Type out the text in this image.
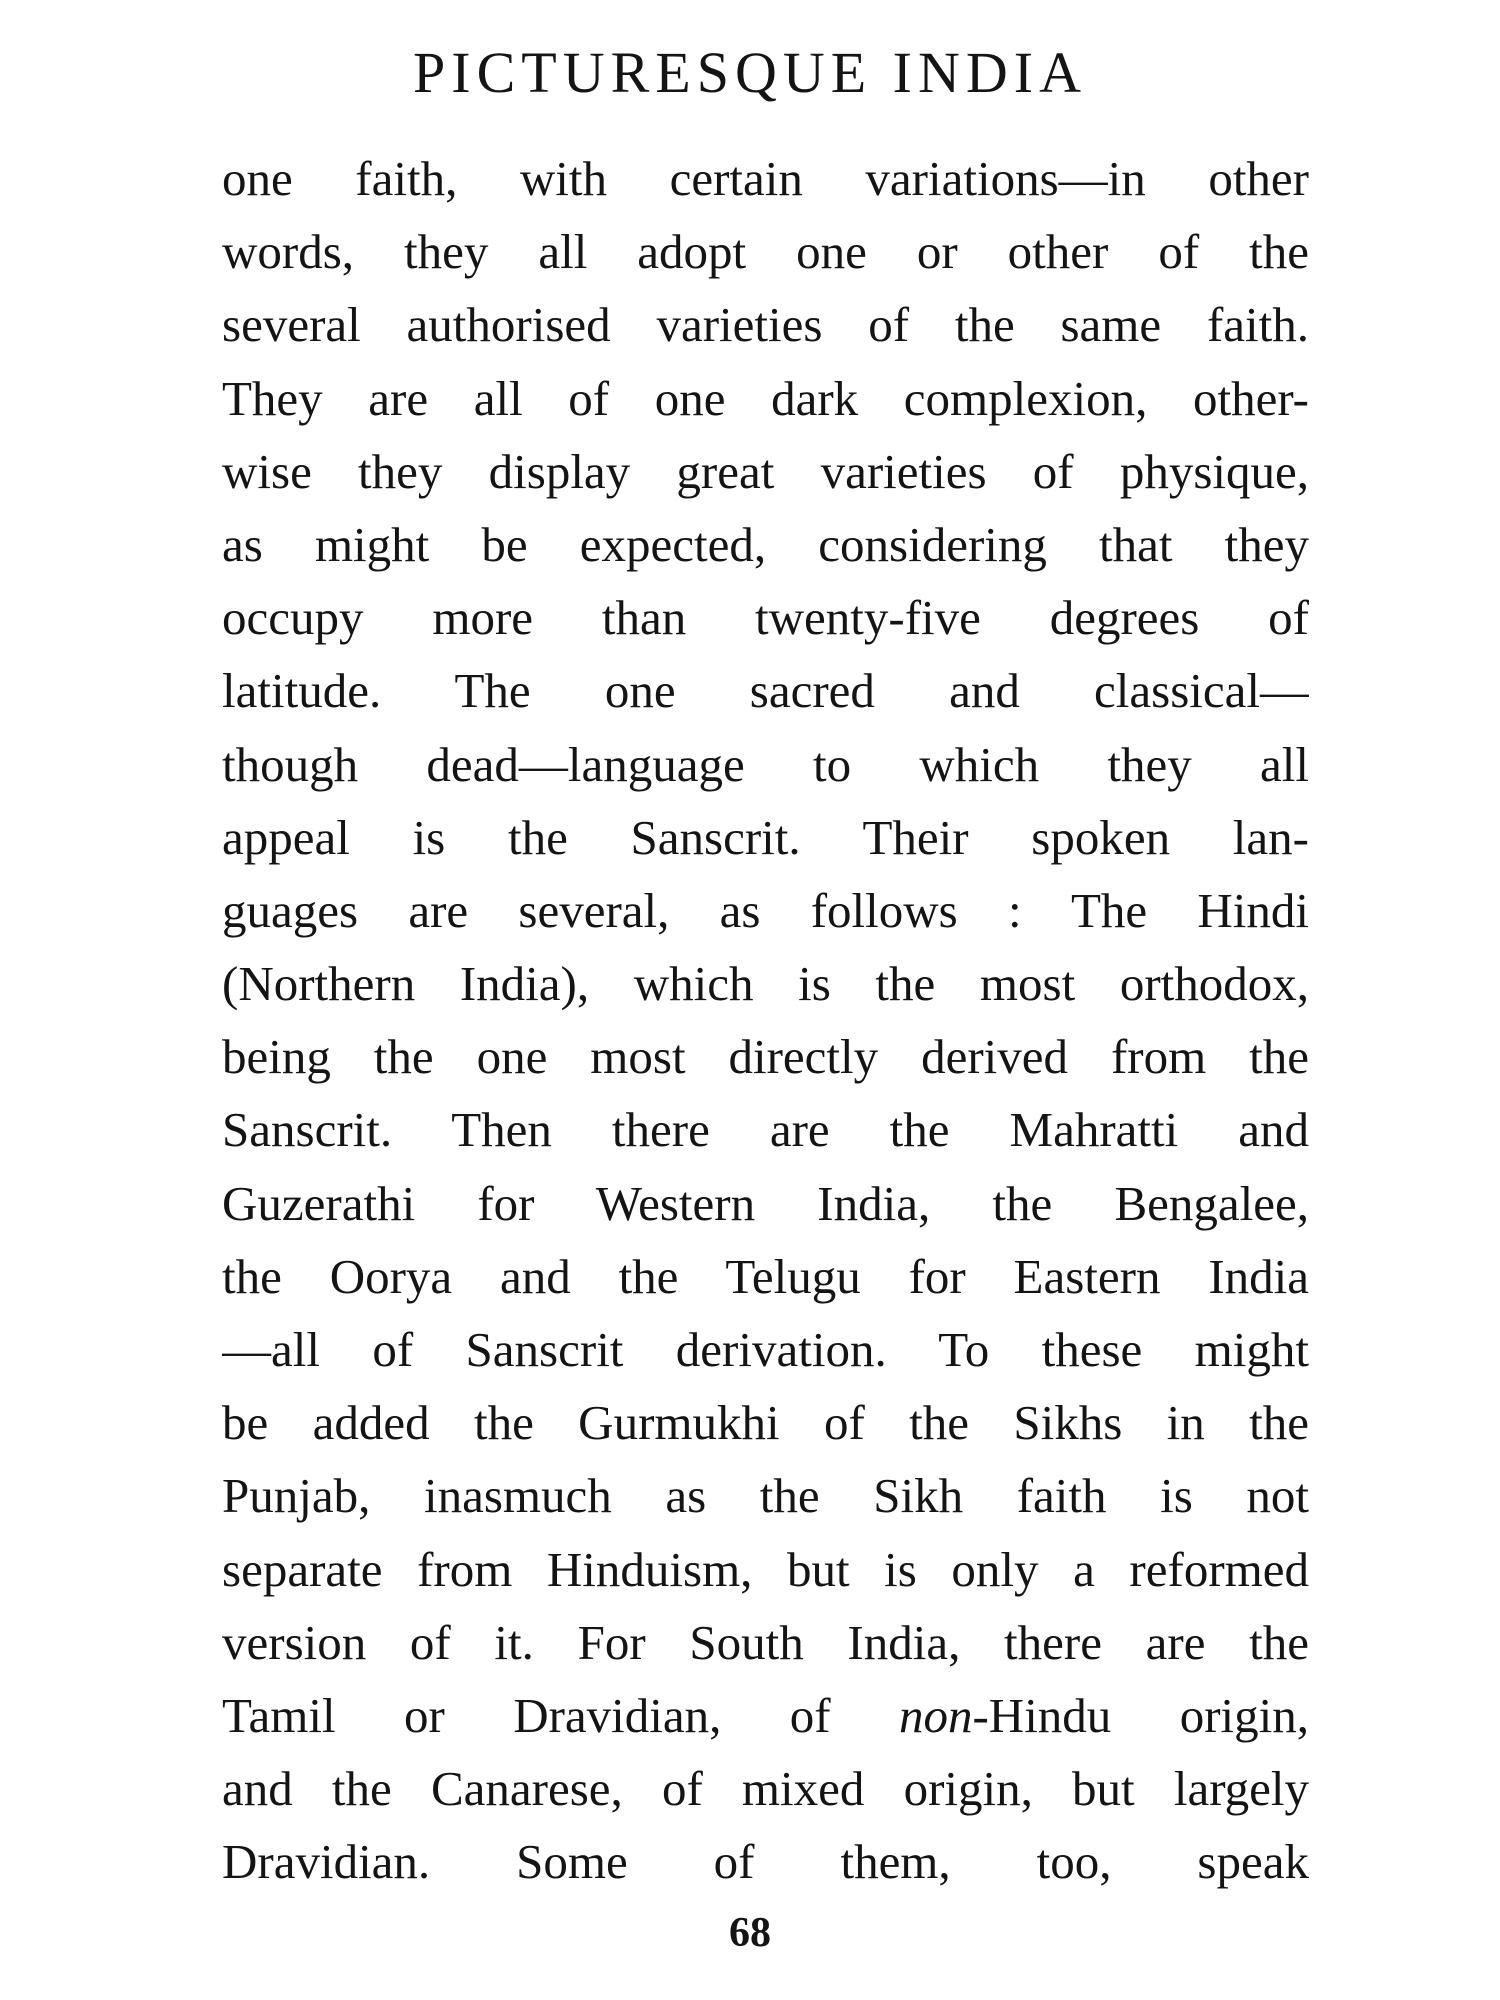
PICTURESQUE INDIA
one faith, with certain variations—in other
words, they all adopt one or other of the
several authorised varieties of the same faith.
They are all of one dark complexion, other-
wise they display great varieties of physique,
as might be expected, considering that they
occupy more than twenty-five degrees of
latitude. The one sacred and classical—
though dead—language to which they all
appeal is the Sanscrit. Their spoken lan-
guages are several, as follows : The Hindi
(Northern India), which is the most orthodox,
being the one most directly derived from the
Sanscrit. Then there are the Mahratti and
Guzerathi for Western India, the Bengalee,
the Oorya and the Telugu for Eastern India
—all of Sanscrit derivation. To these might
be added the Gurmukhi of the Sikhs in the
Punjab, inasmuch as the Sikh faith is not
separate from Hinduism, but is only a reformed
version of it. For South India, there are the
Tamil or Dravidian, of non-Hindu origin,
and the Canarese, of mixed origin, but largely
Dravidian. Some of them, too, speak
68
